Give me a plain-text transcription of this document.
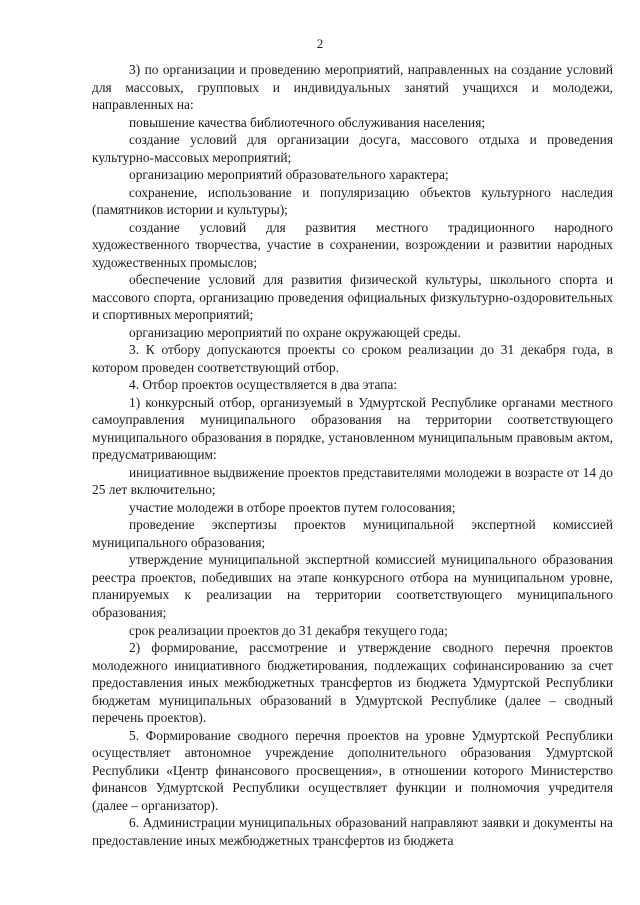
2

3) по организации и проведению мероприятий, направленных на создание условий для массовых, групповых и индивидуальных занятий учащихся и молодежи, направленных на:

повышение качества библиотечного обслуживания населения;

создание условий для организации досуга, массового отдыха и проведения культурно-массовых мероприятий;

организацию мероприятий образовательного характера;

сохранение, использование и популяризацию объектов культурного наследия (памятников истории и культуры);

создание условий для развития местного традиционного народного художественного творчества, участие в сохранении, возрождении и развитии народных художественных промыслов;

обеспечение условий для развития физической культуры, школьного спорта и массового спорта, организацию проведения официальных физкультурно-оздоровительных и спортивных мероприятий;

организацию мероприятий по охране окружающей среды.

3. К отбору допускаются проекты со сроком реализации до 31 декабря года, в котором проведен соответствующий отбор.

4. Отбор проектов осуществляется в два этапа:

1) конкурсный отбор, организуемый в Удмуртской Республике органами местного самоуправления муниципального образования на территории соответствующего муниципального образования в порядке, установленном муниципальным правовым актом, предусматривающим:

инициативное выдвижение проектов представителями молодежи в возрасте от 14 до 25 лет включительно;

участие молодежи в отборе проектов путем голосования;

проведение экспертизы проектов муниципальной экспертной комиссией муниципального образования;

утверждение муниципальной экспертной комиссией муниципального образования реестра проектов, победивших на этапе конкурсного отбора на муниципальном уровне, планируемых к реализации на территории соответствующего муниципального образования;

срок реализации проектов до 31 декабря текущего года;

2) формирование, рассмотрение и утверждение сводного перечня проектов молодежного инициативного бюджетирования, подлежащих софинансированию за счет предоставления иных межбюджетных трансфертов из бюджета Удмуртской Республики бюджетам муниципальных образований в Удмуртской Республике (далее – сводный перечень проектов).

5. Формирование сводного перечня проектов на уровне Удмуртской Республики осуществляет автономное учреждение дополнительного образования Удмуртской Республики «Центр финансового просвещения», в отношении которого Министерство финансов Удмуртской Республики осуществляет функции и полномочия учредителя (далее – организатор).

6. Администрации муниципальных образований направляют заявки и документы на предоставление иных межбюджетных трансфертов из бюджета
